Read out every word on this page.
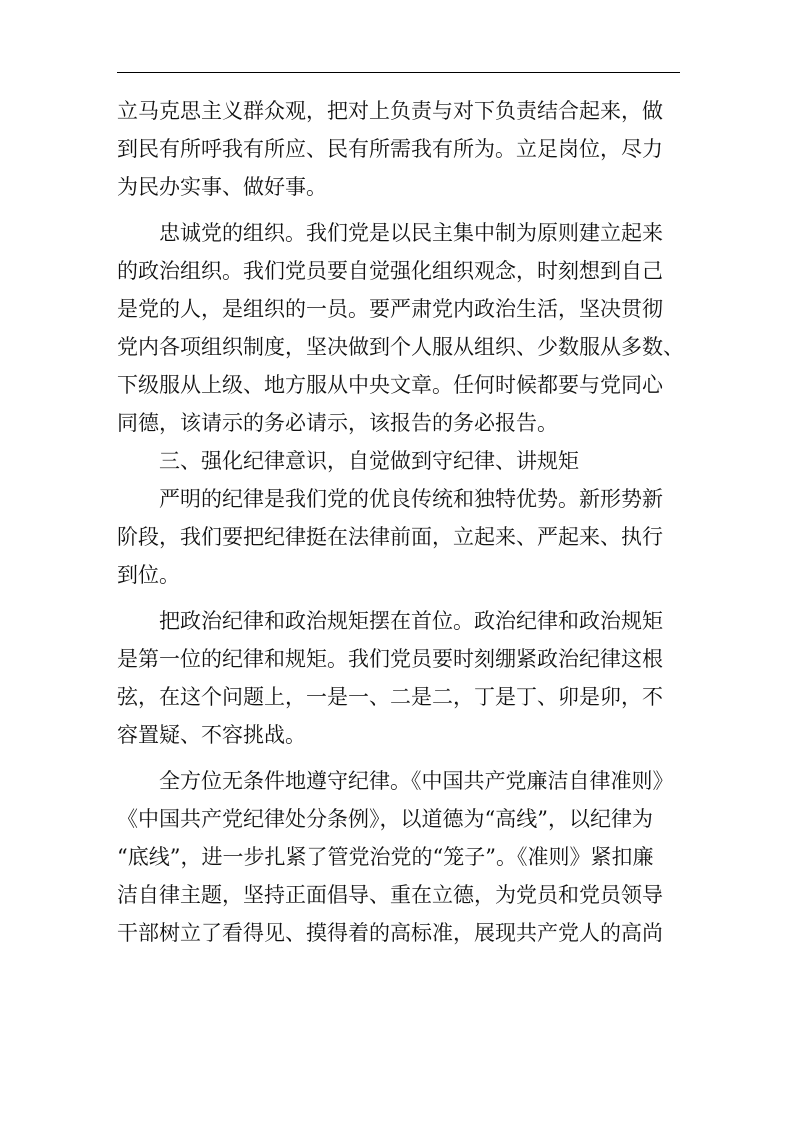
立马克思主义群众观，把对上负责与对下负责结合起来，做
到民有所呼我有所应、民有所需我有所为。立足岗位，尽力
为民办实事、做好事。
忠诚党的组织。我们党是以民主集中制为原则建立起来
的政治组织。我们党员要自觉强化组织观念，时刻想到自己
是党的人，是组织的一员。要严肃党内政治生活，坚决贯彻
党内各项组织制度，坚决做到个人服从组织、少数服从多数、
下级服从上级、地方服从中央文章。任何时候都要与党同心
同德，该请示的务必请示，该报告的务必报告。
三、强化纪律意识，自觉做到守纪律、讲规矩
严明的纪律是我们党的优良传统和独特优势。新形势新
阶段，我们要把纪律挺在法律前面，立起来、严起来、执行
到位。
把政治纪律和政治规矩摆在首位。政治纪律和政治规矩
是第一位的纪律和规矩。我们党员要时刻绷紧政治纪律这根
弦，在这个问题上，一是一、二是二，丁是丁、卯是卯，不
容置疑、不容挑战。
全方位无条件地遵守纪律。《中国共产党廉洁自律准则》
《中国共产党纪律处分条例》，以道德为“高线”，以纪律为
“底线”，进一步扎紧了管党治党的“笼子”。《准则》紧扣廉
洁自律主题，坚持正面倡导、重在立德，为党员和党员领导
干部树立了看得见、摸得着的高标准，展现共产党人的高尚
